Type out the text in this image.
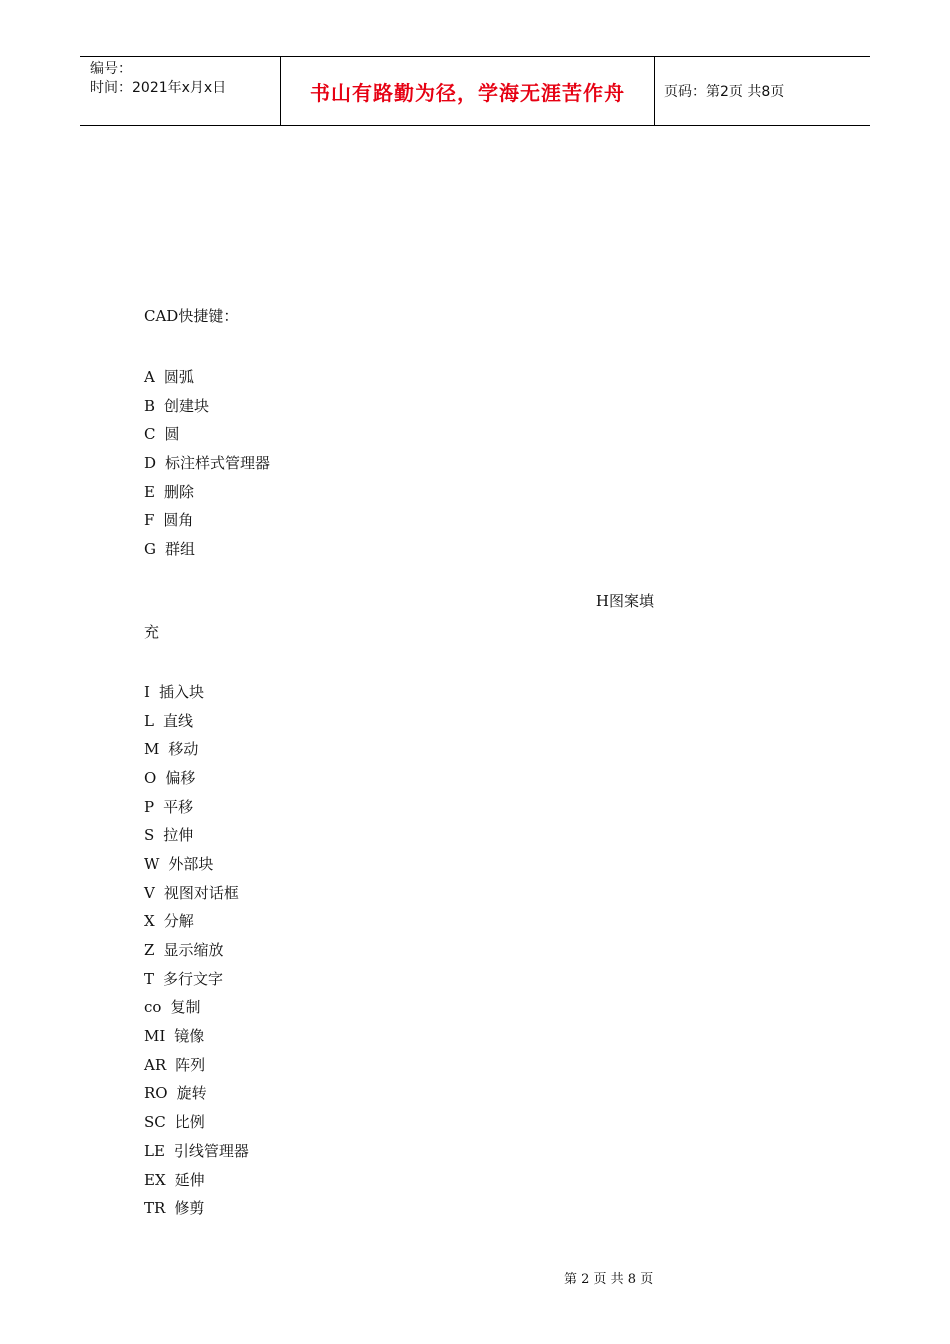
编号：
时间：2021年x月x日	书山有路勤为径，学海无涯苦作舟	页码：第2页 共8页
CAD快捷键：
A 圆弧
B 创建块
C 圆
D 标注样式管理器
E 删除
F 圆角
G 群组
H图案填
充
I 插入块
L 直线
M 移动
O 偏移
P 平移
S 拉伸
W 外部块
V 视图对话框
X 分解
Z 显示缩放
T 多行文字
co 复制
MI 镜像
AR 阵列
RO 旋转
SC 比例
LE 引线管理器
EX 延伸
TR 修剪
第 2 页 共 8 页
